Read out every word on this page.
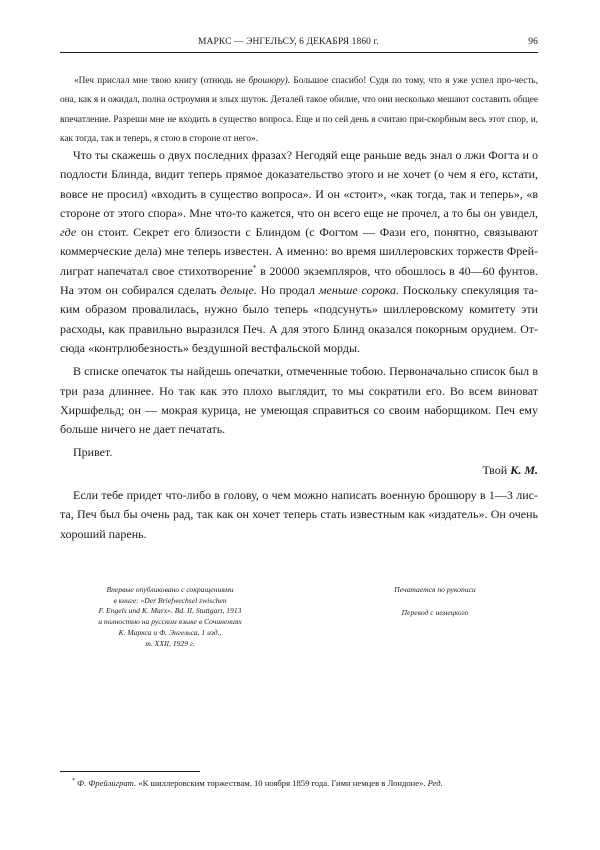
МАРКС — ЭНГЕЛЬСУ, 6 ДЕКАБРЯ 1860 г.	96
«Печ прислал мне твою книгу (отнюдь не брошюру). Большое спасибо! Судя по тому, что я уже успел про-честь, она, как я и ожидал, полна остроумия и злых шуток. Деталей такое обилие, что они несколько мешают составить общее впечатление. Разреши мне не входить в существо вопроса. Еще и по сей день я считаю при-скорбным весь этот спор, и, как тогда, так и теперь, я стою в стороне от него».

Что ты скажешь о двух последних фразах? Негодяй еще раньше ведь знал о лжи Фогта и о подлости Блинда, видит теперь прямое доказательство этого и не хочет (о чем я его, кстати, вовсе не просил) «входить в существо вопроса». И он «стоит», «как тогда, так и теперь», «в стороне от этого спора». Мне что-то кажется, что он всего еще не прочел, а то бы он увидел, где он стоит. Секрет его близости с Блиндом (с Фогтом — Фази его, понятно, связывают коммерческие дела) мне теперь известен. А именно: во время шиллеровских торжеств Фрей-лиграт напечатал свое стихотворение* в 20000 экземпляров, что обошлось в 40—60 фунтов. На этом он собирался сделать дельце. Но продал меньше сорока. Поскольку спекуляция та-ким образом провалилась, нужно было теперь «подсунуть» шиллеровскому комитету эти расходы, как правильно выразился Печ. А для этого Блинд оказался покорным орудием. От-сюда «контрлюбезность» бездушной вестфальской морды.

В списке опечаток ты найдешь опечатки, отмеченные тобою. Первоначально список был в три раза длиннее. Но так как это плохо выглядит, то мы сократили его. Во всем виноват Хиршфельд; он — мокрая курица, не умеющая справиться со своим наборщиком. Печ ему больше ничего не дает печатать.

Привет.

Твой К. М.

Если тебе придет что-либо в голову, о чем можно написать военную брошюру в 1—3 лис-та, Печ был бы очень рад, так как он хочет теперь стать известным как «издатель». Он очень хороший парень.

Впервые опубликовано с сокращениями
в книге: «Der Briefwechsel zwischen
F. Engels und K. Marx». Bd. II, Stuttgart, 1913
и полностью на русском языке в Сочинениях
К. Маркса и Ф. Энгельса, 1 изд.,
т. XXII, 1929 г.
Печатается по рукописи
Перевод с немецкого
* Ф. Фрейлиграт. «К шиллеровским торжествам. 10 ноября 1859 года. Гимн немцев в Лондоне». Ред.
